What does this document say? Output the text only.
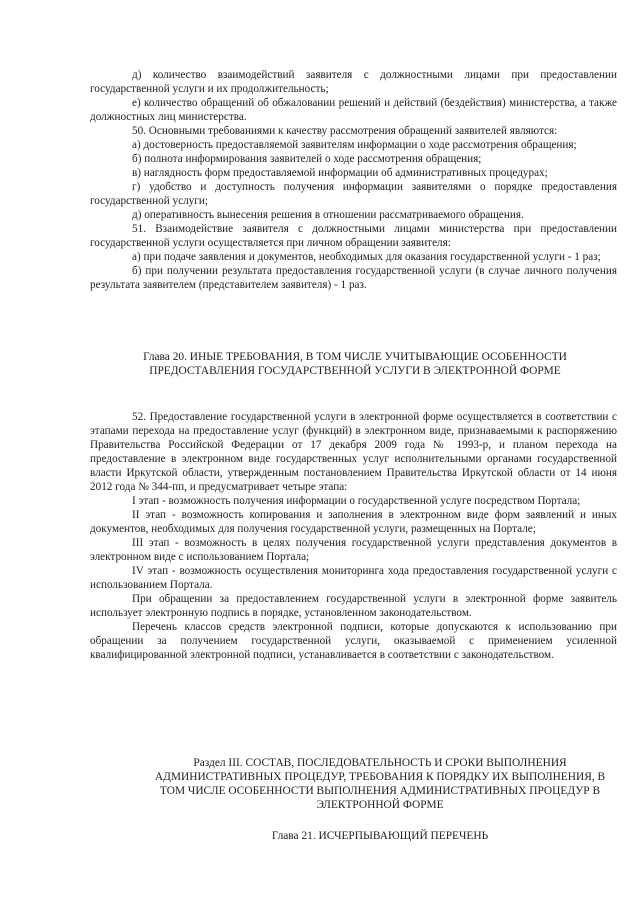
д) количество взаимодействий заявителя с должностными лицами при предоставлении государственной услуги и их продолжительность;

е) количество обращений об обжаловании решений и действий (бездействия) министерства, а также должностных лиц министерства.

50. Основными требованиями к качеству рассмотрения обращений заявителей являются:

а) достоверность предоставляемой заявителям информации о ходе рассмотрения обращения;

б) полнота информирования заявителей о ходе рассмотрения обращения;

в) наглядность форм предоставляемой информации об административных процедурах;

г) удобство и доступность получения информации заявителями о порядке предоставления государственной услуги;

д) оперативность вынесения решения в отношении рассматриваемого обращения.

51. Взаимодействие заявителя с должностными лицами министерства при предоставлении государственной услуги осуществляется при личном обращении заявителя:

а) при подаче заявления и документов, необходимых для оказания государственной услуги - 1 раз;

б) при получении результата предоставления государственной услуги (в случае личного получения результата заявителем (представителем заявителя) - 1 раз.

Глава 20. ИНЫЕ ТРЕБОВАНИЯ, В ТОМ ЧИСЛЕ УЧИТЫВАЮЩИЕ ОСОБЕННОСТИ ПРЕДОСТАВЛЕНИЯ ГОСУДАРСТВЕННОЙ УСЛУГИ В ЭЛЕКТРОННОЙ ФОРМЕ

52. Предоставление государственной услуги в электронной форме осуществляется в соответствии с этапами перехода на предоставление услуг (функций) в электронном виде, признаваемыми к распоряжению Правительства Российской Федерации от 17 декабря 2009 года № 1993-р, и планом перехода на предоставление в электронном виде государственных услуг исполнительными органами государственной власти Иркутской области, утвержденным постановлением Правительства Иркутской области от 14 июня 2012 года № 344-пп, и предусматривает четыре этапа:

I этап - возможность получения информации о государственной услуге посредством Портала;

II этап - возможность копирования и заполнения в электронном виде форм заявлений и иных документов, необходимых для получения государственной услуги, размещенных на Портале;

III этап - возможность в целях получения государственной услуги представления документов в электронном виде с использованием Портала;

IV этап - возможность осуществления мониторинга хода предоставления государственной услуги с использованием Портала.

При обращении за предоставлением государственной услуги в электронной форме заявитель использует электронную подпись в порядке, установленном законодательством.

Перечень классов средств электронной подписи, которые допускаются к использованию при обращении за получением государственной услуги, оказываемой с применением усиленной квалифицированной электронной подписи, устанавливается в соответствии с законодательством.

Раздел III. СОСТАВ, ПОСЛЕДОВАТЕЛЬНОСТЬ И СРОКИ ВЫПОЛНЕНИЯ АДМИНИСТРАТИВНЫХ ПРОЦЕДУР, ТРЕБОВАНИЯ К ПОРЯДКУ ИХ ВЫПОЛНЕНИЯ, В ТОМ ЧИСЛЕ ОСОБЕННОСТИ ВЫПОЛНЕНИЯ АДМИНИСТРАТИВНЫХ ПРОЦЕДУР В ЭЛЕКТРОННОЙ ФОРМЕ
Глава 21. ИСЧЕРПЫВАЮЩИЙ ПЕРЕЧЕНЬ
